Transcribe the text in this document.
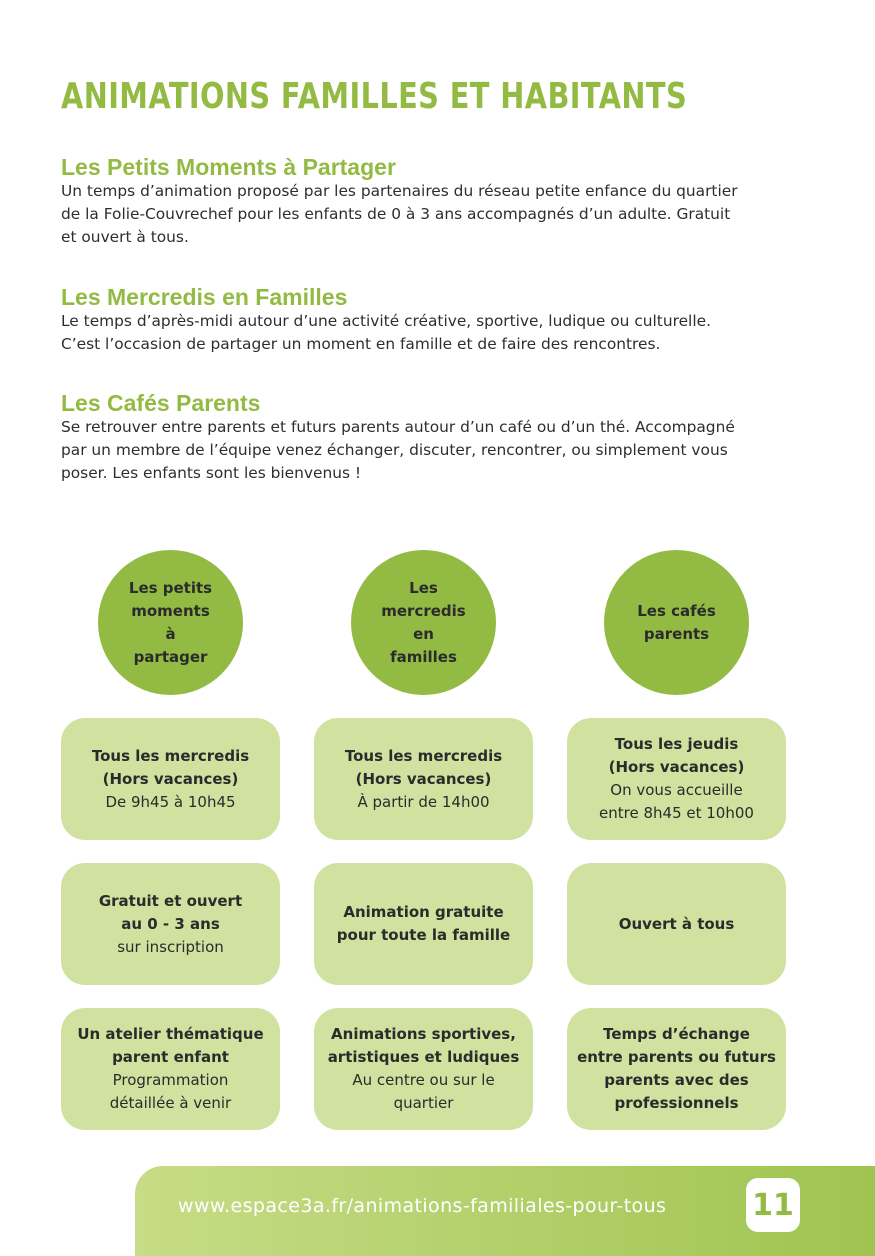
ANIMATIONS FAMILLES ET HABITANTS
Les Petits Moments à Partager

Un temps d’animation proposé par les partenaires du réseau petite enfance du quartier
de la Folie-Couvrechef pour les enfants de 0 à 3 ans accompagnés d’un adulte. Gratuit
et ouvert à tous.

Les Mercredis en Familles

Le temps d’après-midi autour d’une activité créative, sportive, ludique ou culturelle.
C’est l’occasion de partager un moment en famille et de faire des rencontres.

Les Cafés Parents

Se retrouver entre parents et futurs parents autour d’un café ou d’un thé. Accompagné
par un membre de l’équipe venez échanger, discuter, rencontrer, ou simplement vous
poser. Les enfants sont les bienvenus !

Les petits
moments à
partager
Tous les mercredis
(Hors vacances)
De 9h45 à 10h45
Gratuit et ouvert
au 0 - 3 ans
sur inscription
Un atelier thématique
parent enfant
Programmation
détaillée à venir
Les mercredis
en familles
Tous les mercredis
(Hors vacances)
À partir de 14h00
Animation gratuite
pour toute la famille
Animations sportives,
artistiques et ludiques
Au centre ou sur le
quartier
Les cafés
parents
Tous les jeudis
(Hors vacances)
On vous accueille
entre 8h45 et 10h00
Ouvert à tous
Temps d’échange
entre parents ou futurs
parents avec des
professionnels
www.espace3a.fr/animations-familiales-pour-tous	11
